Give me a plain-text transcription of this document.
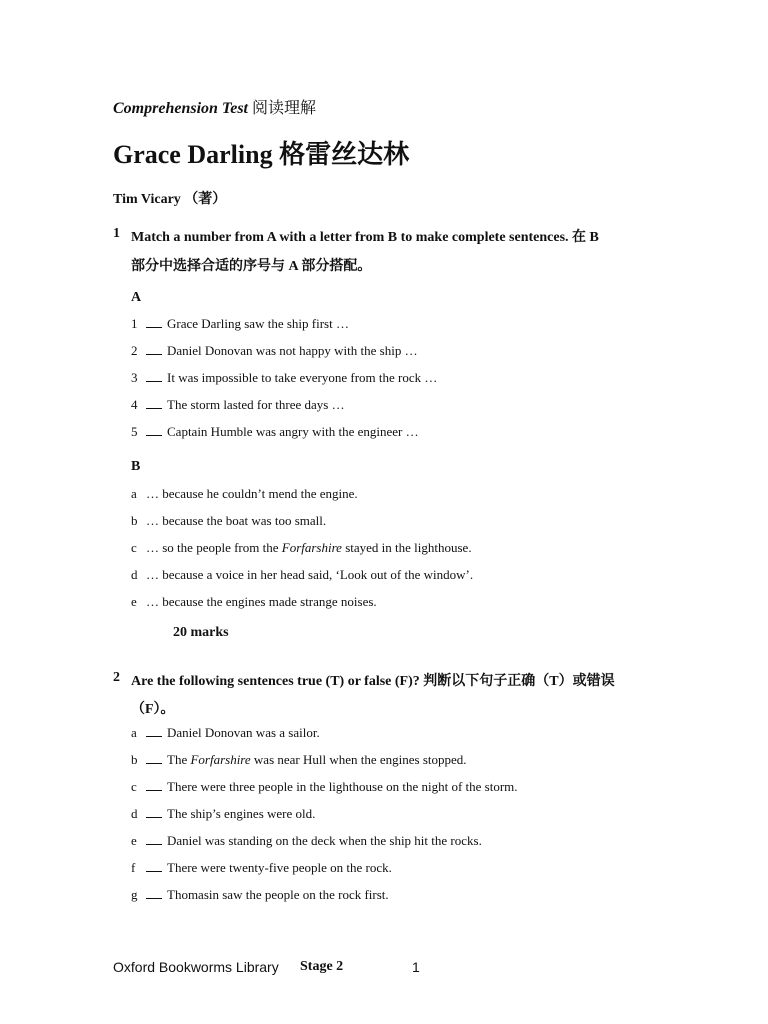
Comprehension Test 阅读理解
Grace Darling 格雷丝达林
Tim Vicary （著）
1 Match a number from A with a letter from B to make complete sentences. 在 B
部分中选择合适的序号与 A 部分搭配。
A
1 Grace Darling saw the ship first …
2 Daniel Donovan was not happy with the ship …
3 It was impossible to take everyone from the rock …
4 The storm lasted for three days …
5 Captain Humble was angry with the engineer …
B
a … because he couldn’t mend the engine.
b … because the boat was too small.
c … so the people from the Forfarshire stayed in the lighthouse.
d … because a voice in her head said, ‘Look out of the window’.
e … because the engines made strange noises.
20 marks
2 Are the following sentences true (T) or false (F)? 判断以下句子正确（T）或错误
（F）。
a Daniel Donovan was a sailor.
b The Forfarshire was near Hull when the engines stopped.
c There were three people in the lighthouse on the night of the storm.
d The ship’s engines were old.
e Daniel was standing on the deck when the ship hit the rocks.
f There were twenty-five people on the rock.
g Thomasin saw the people on the rock first.
Oxford Bookworms Library Stage 2	1
